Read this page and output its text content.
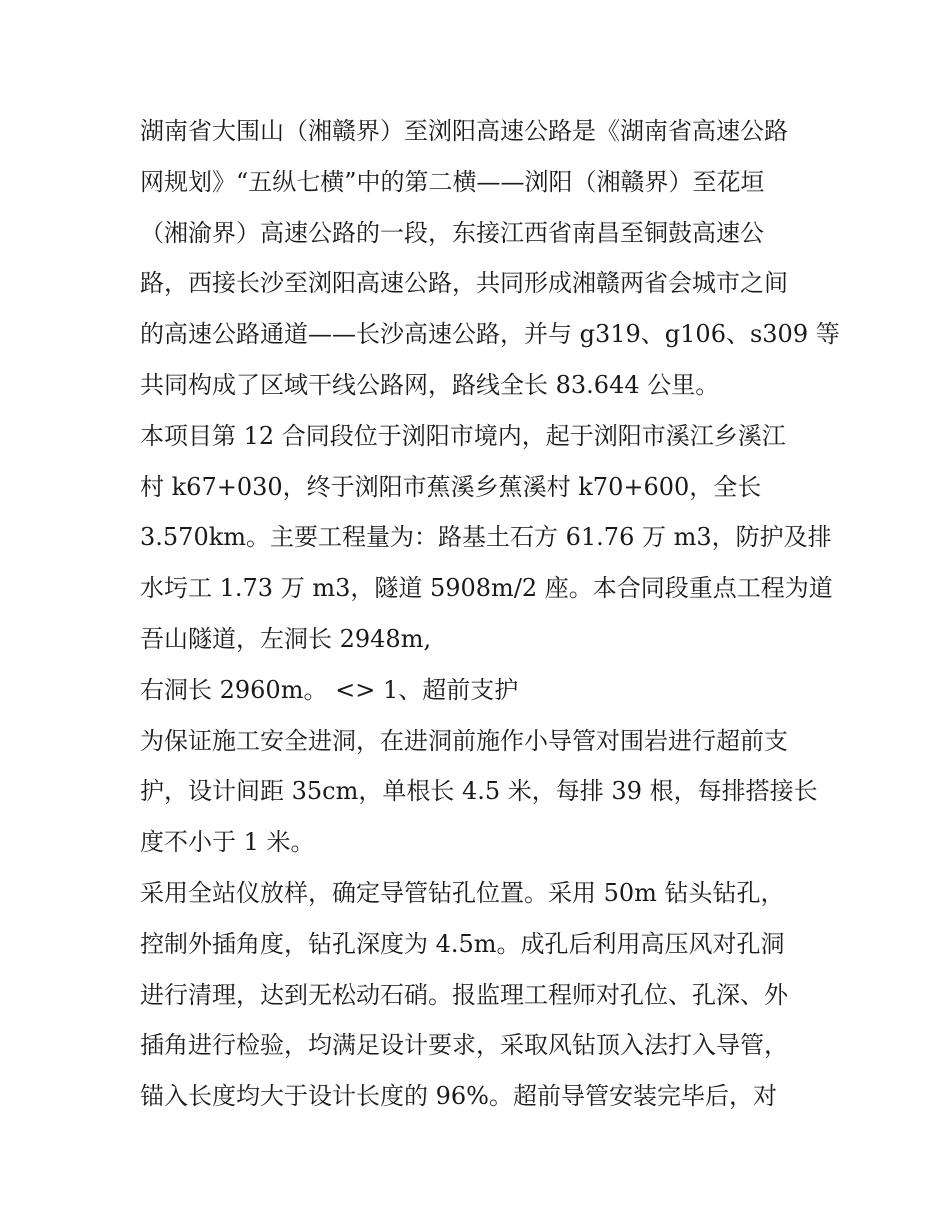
湖南省大围山（湘赣界）至浏阳高速公路是《湖南省高速公路
网规划》“五纵七横”中的第二横——浏阳（湘赣界）至花垣
（湘渝界）高速公路的一段，东接江西省南昌至铜鼓高速公
路，西接长沙至浏阳高速公路，共同形成湘赣两省会城市之间
的高速公路通道——长沙高速公路，并与 g319、g106、s309 等
共同构成了区域干线公路网，路线全长 83.644 公里。
本项目第 12 合同段位于浏阳市境内，起于浏阳市溪江乡溪江
村 k67+030，终于浏阳市蕉溪乡蕉溪村 k70+600，全长
3.570km。主要工程量为：路基土石方 61.76 万 m3，防护及排
水圬工 1.73 万 m3，隧道 5908m/2 座。本合同段重点工程为道
吾山隧道，左洞长 2948m,
右洞长 2960m。 <> 1、超前支护
为保证施工安全进洞，在进洞前施作小导管对围岩进行超前支
护，设计间距 35cm，单根长 4.5 米，每排 39 根，每排搭接长
度不小于 1 米。
采用全站仪放样，确定导管钻孔位置。采用 50m 钻头钻孔，
控制外插角度，钻孔深度为 4.5m。成孔后利用高压风对孔洞
进行清理，达到无松动石硝。报监理工程师对孔位、孔深、外
插角进行检验，均满足设计要求，采取风钻顶入法打入导管，
锚入长度均大于设计长度的 96%。超前导管安装完毕后，对
